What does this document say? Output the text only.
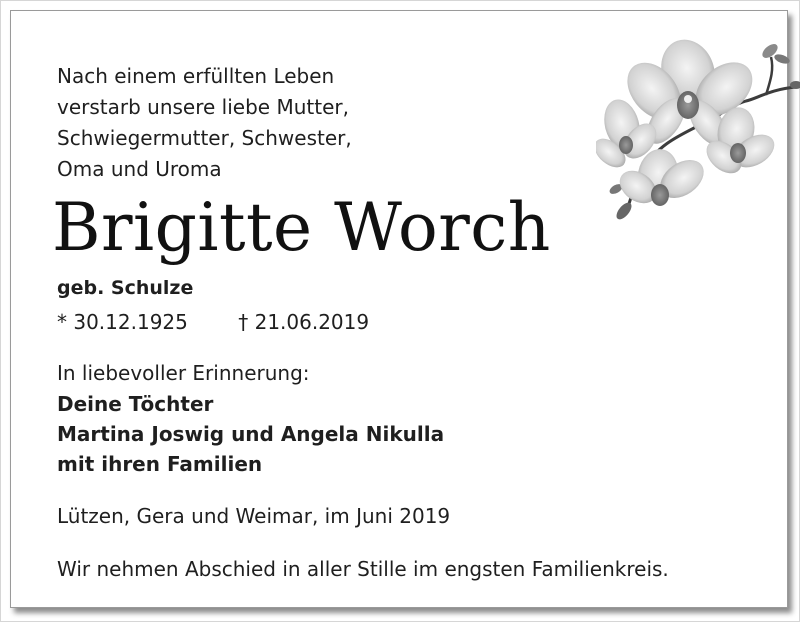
Nach einem erfüllten Leben
verstarb unsere liebe Mutter,
Schwiegermutter, Schwester,
Oma und Uroma
Brigitte Worch
geb. Schulze
* 30.12.1925	† 21.06.2019
In liebevoller Erinnerung:
Deine Töchter
Martina Joswig und Angela Nikulla
mit ihren Familien
Lützen, Gera und Weimar, im Juni 2019
Wir nehmen Abschied in aller Stille im engsten Familienkreis.
